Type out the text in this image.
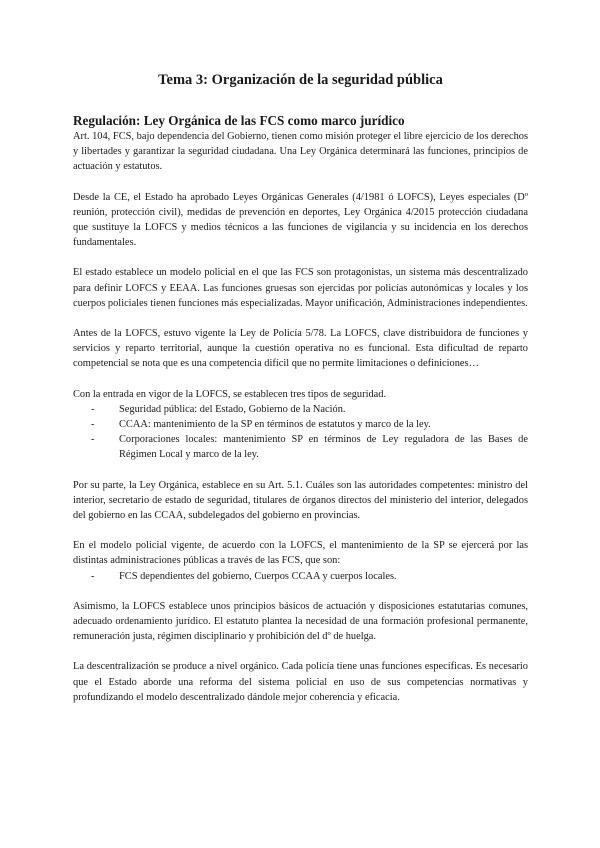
Tema 3: Organización de la seguridad pública
Regulación: Ley Orgánica de las FCS como marco jurídico

Art. 104, FCS, bajo dependencia del Gobierno, tienen como misión proteger el libre ejercicio de los derechos y libertades y garantizar la seguridad ciudadana. Una Ley Orgánica determinará las funciones, principios de actuación y estatutos.

Desde la CE, el Estado ha aprobado Leyes Orgánicas Generales (4/1981 ó LOFCS), Leyes especiales (Dº reunión, protección civil), medidas de prevención en deportes, Ley Orgánica 4/2015 protección ciudadana que sustituye la LOFCS y medios técnicos a las funciones de vigilancia y su incidencia en los derechos fundamentales.

El estado establece un modelo policial en el que las FCS son protagonistas, un sistema más descentralizado para definir LOFCS y EEAA. Las funciones gruesas son ejercidas por policías autonómicas y locales y los cuerpos policiales tienen funciones más especializadas. Mayor unificación, Administraciones independientes.

Antes de la LOFCS, estuvo vigente la Ley de Policía 5/78. La LOFCS, clave distribuidora de funciones y servicios y reparto territorial, aunque la cuestión operativa no es funcional. Esta dificultad de reparto competencial se nota que es una competencia difícil que no permite limitaciones o definiciones…

Con la entrada en vigor de la LOFCS, se establecen tres tipos de seguridad.

- Seguridad pública: del Estado, Gobierno de la Nación.
- CCAA: mantenimiento de la SP en términos de estatutos y marco de la ley.
- Corporaciones locales: mantenimiento SP en términos de Ley reguladora de las Bases de Régimen Local y marco de la ley.

Por su parte, la Ley Orgánica, establece en su Art. 5.1. Cuáles son las autoridades competentes: ministro del interior, secretario de estado de seguridad, titulares de órganos directos del ministerio del interior, delegados del gobierno en las CCAA, subdelegados del gobierno en provincias.

En el modelo policial vigente, de acuerdo con la LOFCS, el mantenimiento de la SP se ejercerá por las distintas administraciones públicas a través de las FCS, que son:

- FCS dependientes del gobierno, Cuerpos CCAA y cuerpos locales.

Asimismo, la LOFCS establece unos principios básicos de actuación y disposiciones estatutarias comunes, adecuado ordenamiento jurídico. El estatuto plantea la necesidad de una formación profesional permanente, remuneración justa, régimen disciplinario y prohibición del dº de huelga.

La descentralización se produce a nivel orgánico. Cada policía tiene unas funciones específicas. Es necesario que el Estado aborde una reforma del sistema policial en uso de sus competencias normativas y profundizando el modelo descentralizado dándole mejor coherencia y eficacia.
